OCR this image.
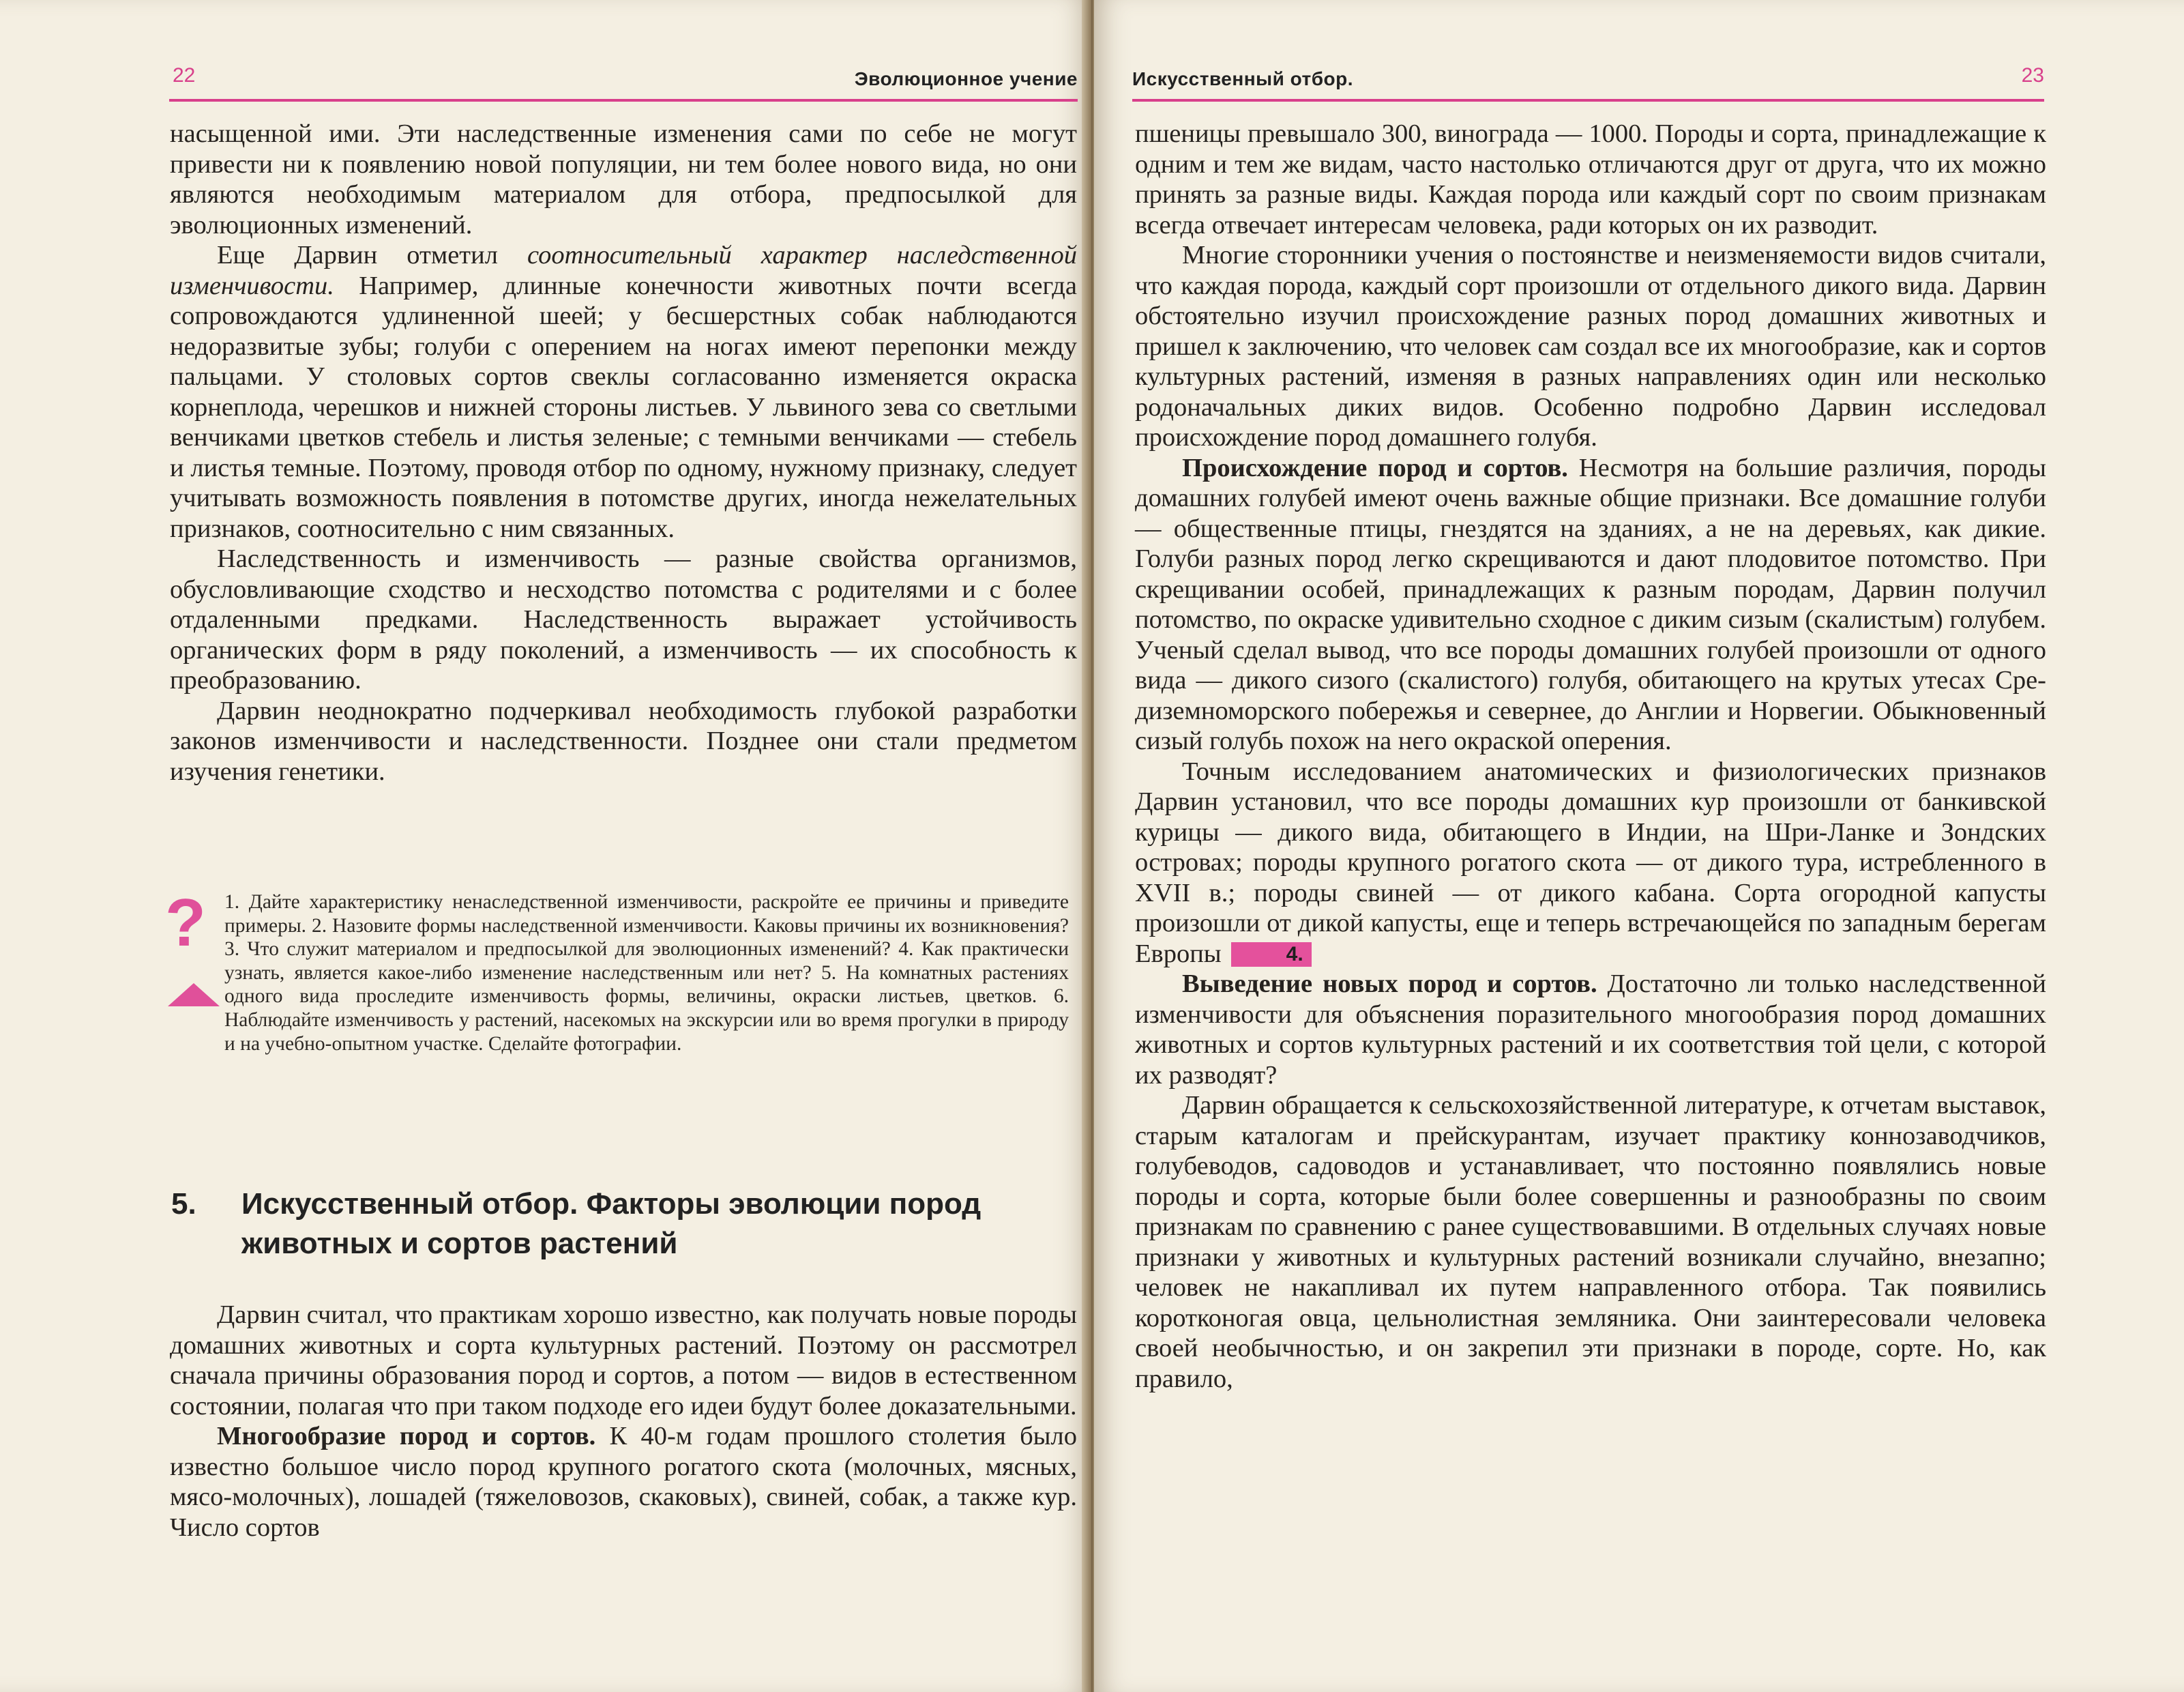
22	Эволюционное учение

насыщенной ими. Эти наследственные изменения сами по себе не могут привести ни к появлению новой популяции, ни тем более нового вида, но они являются необходимым материалом для отбора, предпосылкой для эволюционных изменений.

Еще Дарвин отметил соотносительный характер наследственной изменчивости. Например, длинные конечности животных почти всегда сопровождаются удлиненной шеей; у бесшерстных собак наблюдаются недоразвитые зубы; голуби с оперением на ногах имеют перепонки между пальцами. У столовых сортов свеклы согласованно изменяется окраска корнеплода, черешков и нижней стороны листьев. У львиного зева со светлыми венчиками цветков стебель и листья зеленые; с темными венчиками — стебель и листья темные. Поэтому, проводя отбор по одному, нужному признаку, следует учитывать возможность появления в потомстве других, иногда нежелательных признаков, соотносительно с ним связанных.

Наследственность и изменчивость — разные свойства организмов, обусловливающие сходство и несходство потомства с родителями и с более отдаленными предками. Наследственность выражает устойчивость органических форм в ряду поколений, а изменчивость — их способность к преобразованию.

Дарвин неоднократно подчеркивал необходимость глубокой разработки законов изменчивости и наследственности. Позднее они стали предметом изучения генетики.

? 1. Дайте характеристику ненаследственной изменчивости, раскройте ее причины и приведите примеры. 2. Назовите формы наследственной изменчивости. Каковы причины их возникновения? 3. Что служит материалом и предпосылкой для эволюционных изменений? 4. Как практически узнать, является какое-либо изменение наследственным или нет? 5. На комнатных растениях одного вида проследите изменчивость формы, величины, окраски листьев, цветков. 6. Наблюдайте изменчивость у растений, насекомых на экскурсии или во время прогулки в природу и на учебно-опытном участке. Сделайте фотографии.
5. Искусственный отбор. Факторы эволюции пород животных и сортов растений

Дарвин считал, что практикам хорошо известно, как получать новые породы домашних животных и сорта культурных растений. Поэтому он рассмотрел сначала причины образования пород и сортов, а потом — видов в естественном состоянии, полагая что при таком подходе его идеи будут более доказательными.

Многообразие пород и сортов. К 40-м годам прошлого столетия было известно большое число пород крупного рогатого скота (молочных, мясных, мясо-молочных), лошадей (тяжеловозов, скаковых), свиней, собак, а также кур. Число сортов

23
Искусственный отбор.

пшеницы превышало 300, винограда — 1000. Породы и сорта, принадлежащие к одним и тем же видам, часто настолько отличаются друг от друга, что их можно принять за разные виды. Каждая порода или каждый сорт по своим признакам всегда отвечает интересам человека, ради которых он их разводит.

Многие сторонники учения о постоянстве и неизменяемости видов считали, что каждая порода, каждый сорт произошли от отдельного дикого вида. Дарвин обстоятельно изучил происхождение разных пород домашних животных и пришел к заключению, что человек сам создал все их многообразие, как и сортов культурных растений, изменяя в разных направлениях один или несколько родоначальных диких видов. Особенно подробно Дарвин исследовал происхождение пород домашнего голубя.

Происхождение пород и сортов. Несмотря на большие различия, породы домашних голубей имеют очень важные общие признаки. Все домашние голуби — общественные птицы, гнездятся на зданиях, а не на деревьях, как дикие. Голуби разных пород легко скрещиваются и дают плодовитое потомство. При скрещивании особей, принадлежащих к разным породам, Дарвин получил потомство, по окраске удивительно сходное с диким сизым (скалистым) голубем. Ученый сделал вывод, что все породы домашних голубей произошли от одного вида — дикого сизого (скалистого) голубя, обитающего на крутых утесах Средиземноморского побережья и севернее, до Англии и Норвегии. Обыкновенный сизый голубь похож на него окраской оперения.

Точным исследованием анатомических и физиологических признаков Дарвин установил, что все породы домашних кур произошли от банкивской курицы — дикого вида, обитающего в Индии, на Шри-Ланке и Зондских островах; породы крупного рогатого скота — от дикого тура, истребленного в XVII в.; породы свиней — от дикого кабана. Сорта огородной капусты произошли от дикой капусты, еще и теперь встречающейся по западным берегам Европы	4.

Выведение новых пород и сортов. Достаточно ли только наследственной изменчивости для объяснения поразительного многообразия пород домашних животных и сортов культурных растений и их соответствия той цели, с которой их разводят?

Дарвин обращается к сельскохозяйственной литературе, к отчетам выставок, старым каталогам и прейскурантам, изучает практику коннозаводчиков, голубеводов, садоводов и устанавливает, что постоянно появлялись новые породы и сорта, которые были более совершенны и разнообразны по своим признакам по сравнению с ранее существовавшими. В отдельных случаях новые признаки у животных и культурных растений возникали случайно, внезапно; человек не накапливал их путем направленного отбора. Так появились коротконогая овца, цельнолистная земляника. Они заинтересовали человека своей необычностью, и он закрепил эти признаки в породе, сорте. Но, как правило,
